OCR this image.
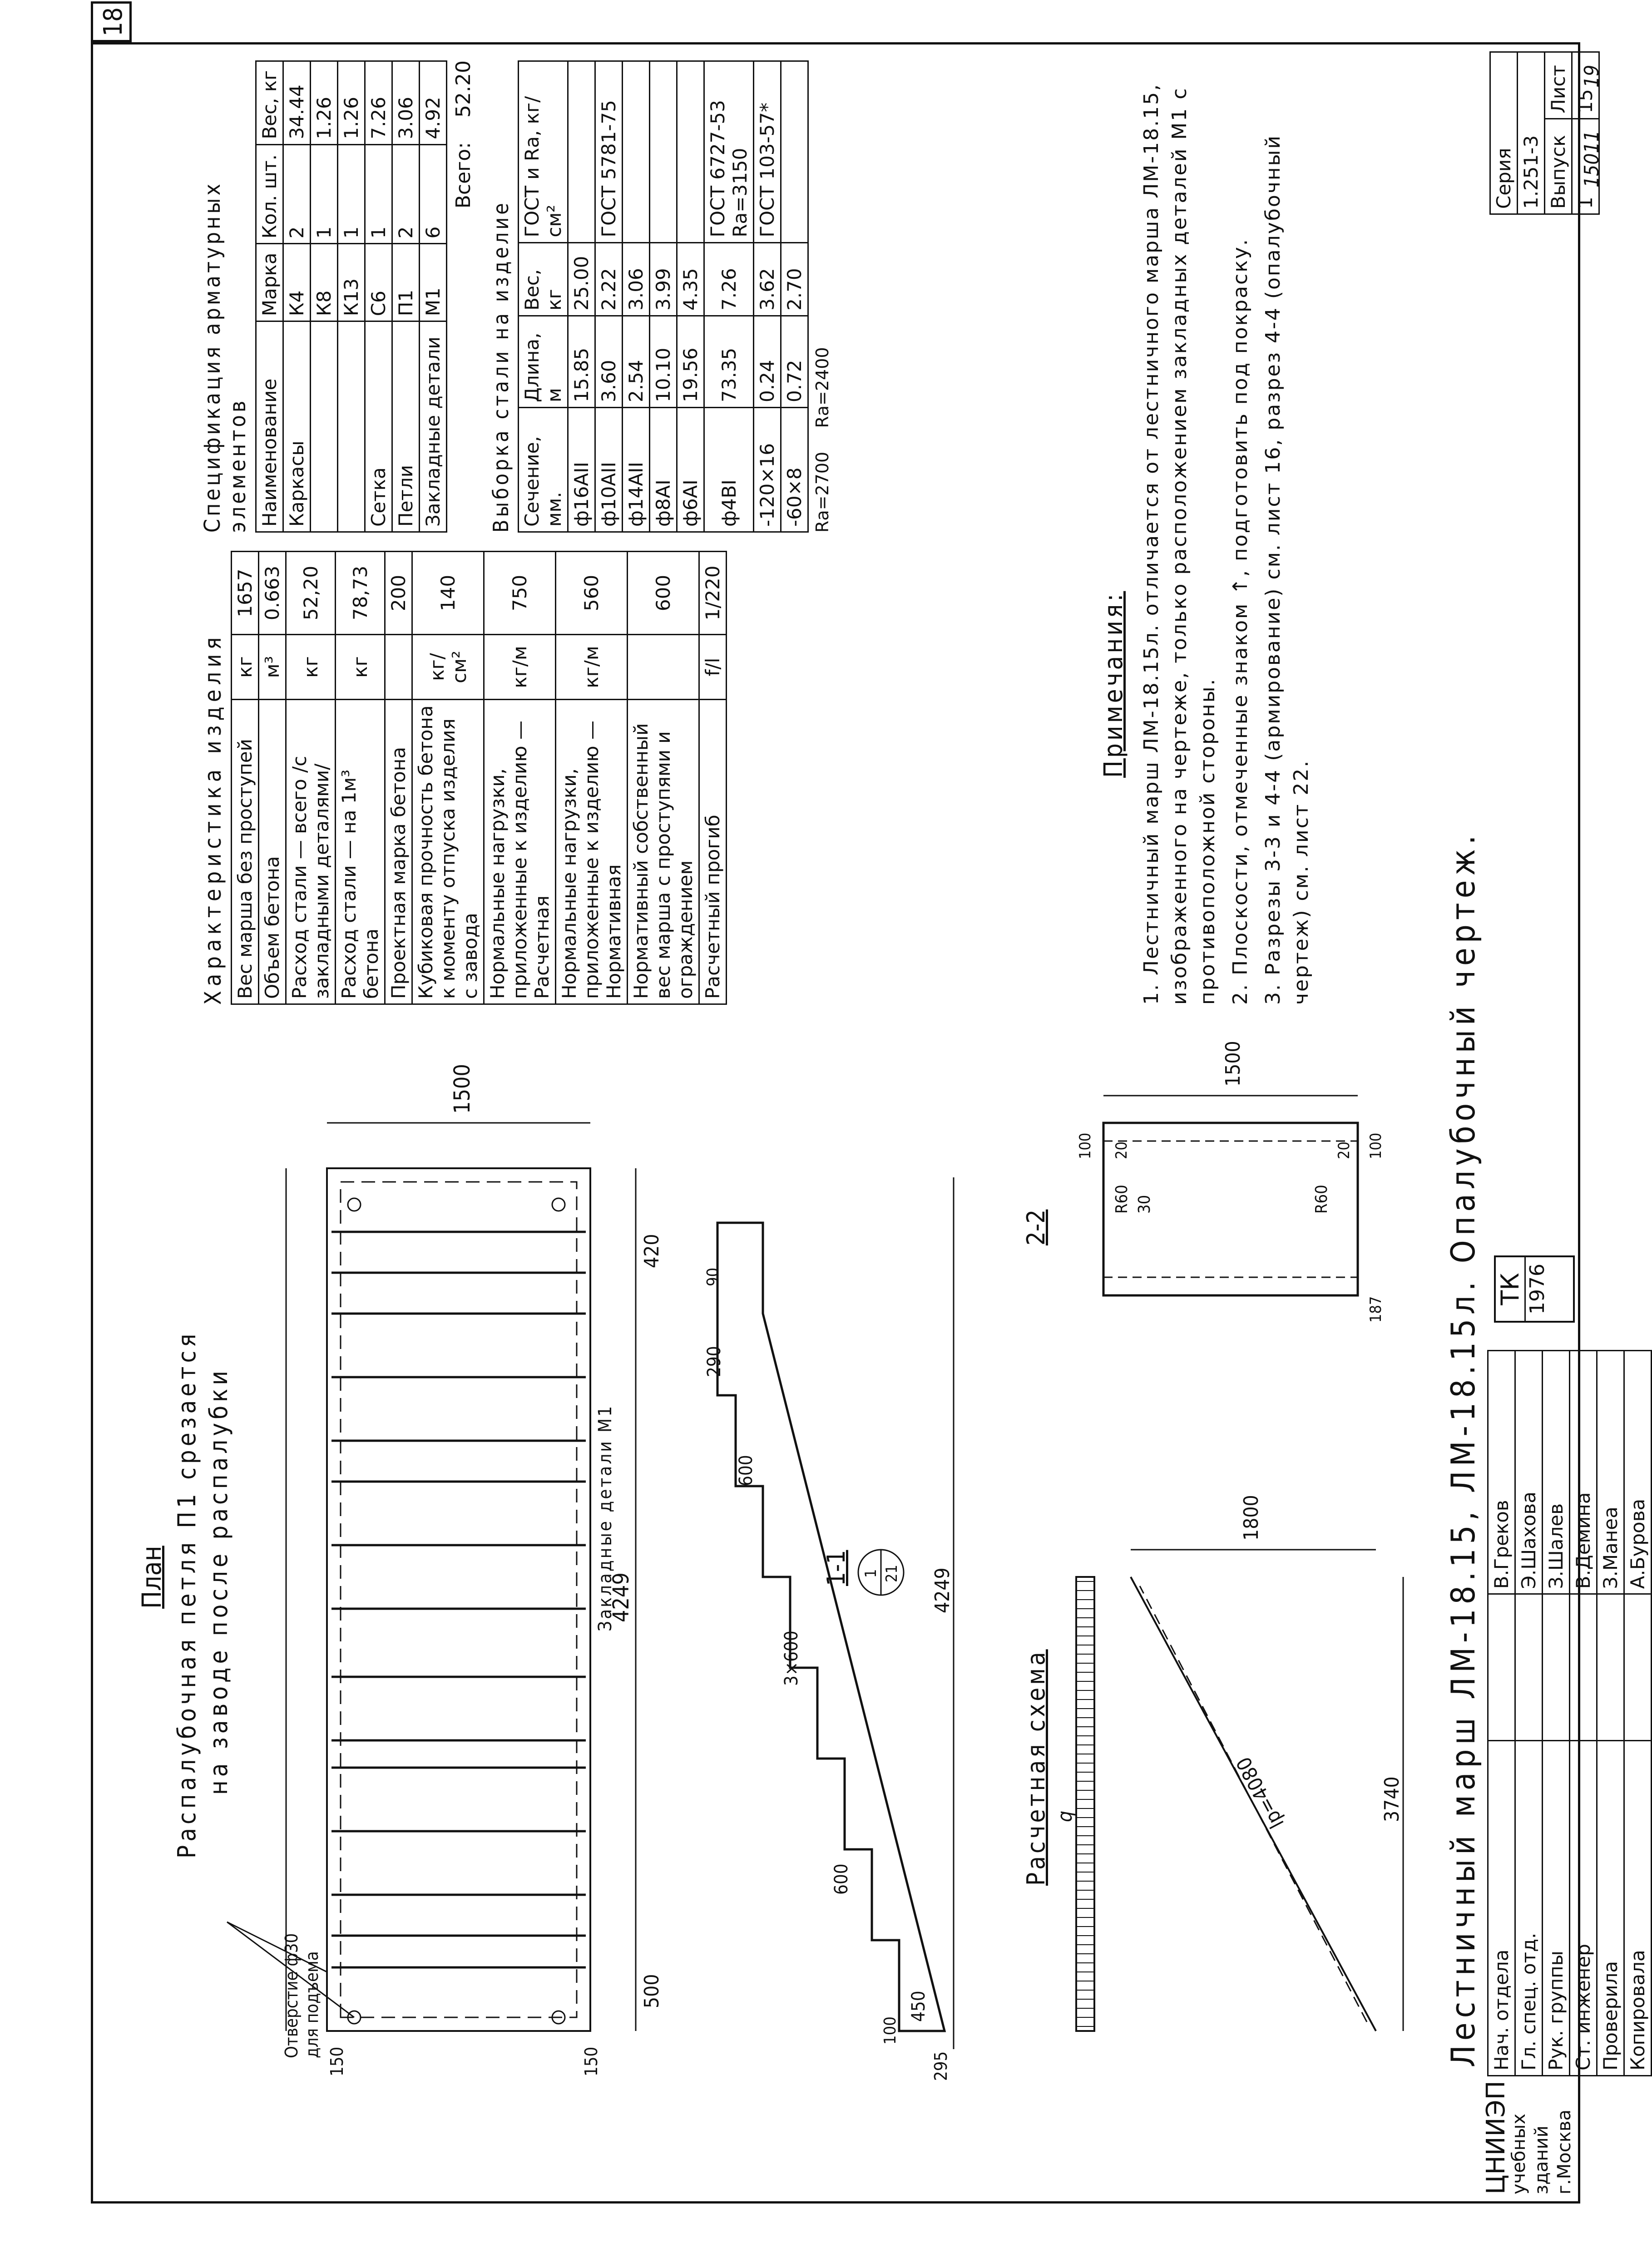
18
План Распалубочная петля П1 срезается на заводе после распалубки	4249
1500
Закладные детали М1
500
420
150
150
Отверстие ф30 для подъема
1-1
450
100
600
3×600
600
290
90
4249
295
1 21
Расчетная схема q	3740
1800
lр=4080
2-2
1500
R60 30	R60
20
100	100
20
187 Лестничный марш ЛМ-18.15, ЛМ-18.15л. Опалубочный чертеж.
Характеристика изделия Вес марша без проступей	кг	1657
Объем бетона	м³	0.663
Расход стали — всего /с закладными деталями/	кг	52,20
Расход стали — на 1м³ бетона	кг	78,73
Проектная марка бетона		200
Кубиковая прочность бетона к моменту отпуска изделия с завода	кг/см²	140
Нормальные нагрузки, приложенные к изделию — Расчетная	кг/м	750
Нормальные нагрузки, приложенные к изделию — Нормативная	кг/м	560
Нормативный собственный вес марша с проступями и ограждением		600
Расчетный прогиб	f/l	1/220
Спецификация арматурных элементов Наименование	Марка	Кол. шт.	Вес, кг
Каркасы	К4	2	34.44
	К8	1	1.26
	К13	1	1.26
Сетка	С6	1	7.26
Петли	П1	2	3.06
Закладные детали	М1	6	4.92
Всего: 52.20
Выборка стали на изделие Сечение, мм.	Длина, м	Вес, кг	ГОСТ и Rа, кг/см²
ф16АII	15.85	25.00	
ф10АII	3.60	2.22	ГОСТ 5781-75
ф14АII	2.54	3.06	
ф8АI	10.10	3.99	
ф6АI	19.56	4.35	
ф4ВI	73.35	7.26	ГОСТ 6727-53 Rа=3150
-120×16	0.24	3.62	ГОСТ 103-57*
-60×8	0.72	2.70	
Rа=2700 Rа=2400
Примечания: 1. Лестничный марш ЛМ-18.15л. отличается от лестничного марша ЛМ-18.15, изображенного на чертеже, только расположением закладных деталей М1 с противоположной стороны. 2. Плоскости, отмеченные знаком ↑, подготовить под покраску. 3. Разрезы 3-3 и 4-4 (армирование) см. лист 16, разрез 4-4 (опалубочный чертеж) см. лист 22.
ЦНИИЭП
учебных зданий г.Москва
Нач. отдела		В.Греков
Гл. спец. отд.		Э.Шахова
Рук. группы		З.Шалев
Ст. инженер		В.Демина
Проверила		З.Манеа
Копировала		А.Бурова
ТК 1976
Серия	
1.251-3	
Выпуск	Лист
1	15
15011
19
